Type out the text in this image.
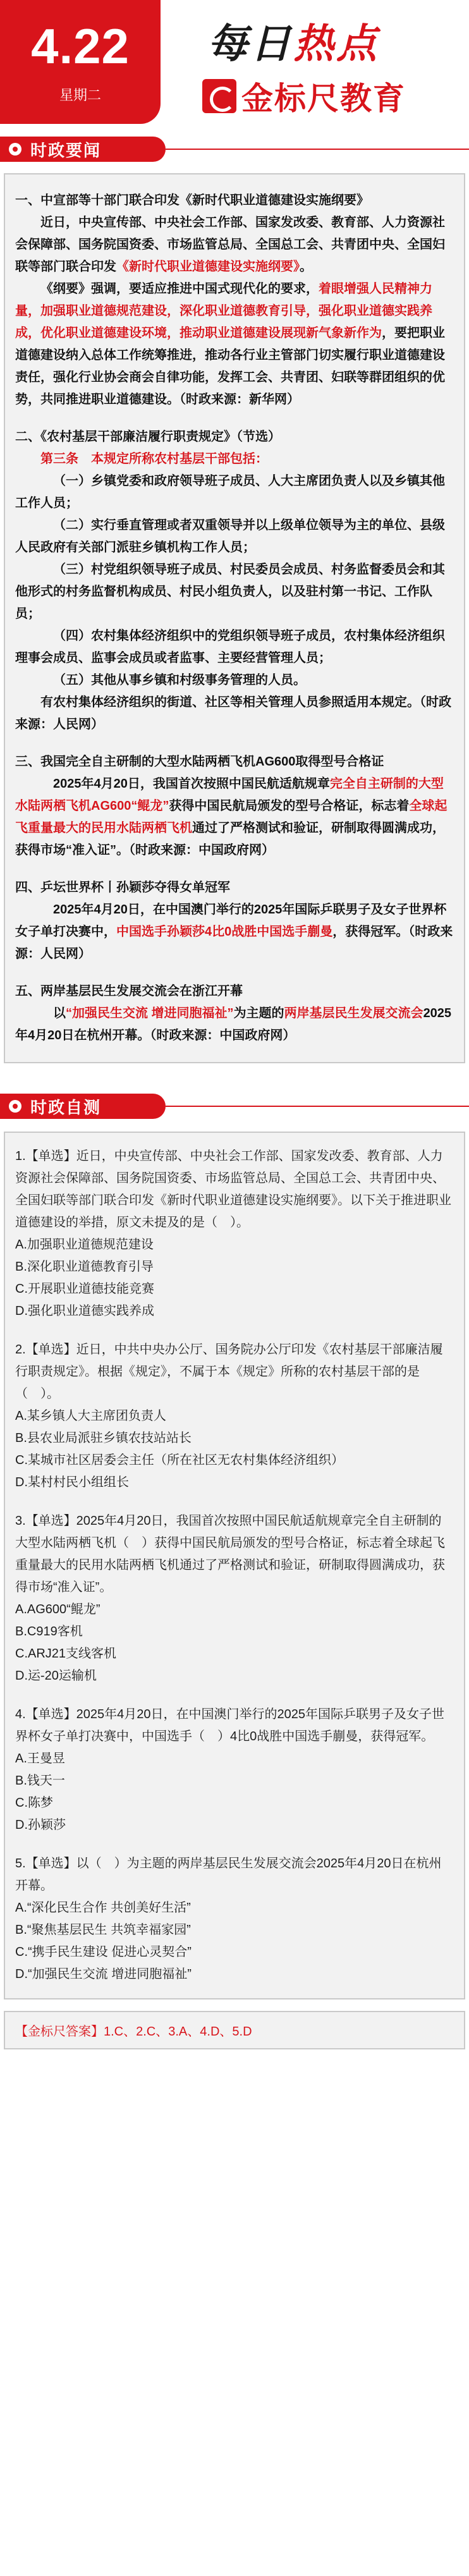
4.22
星期二
每日热点
金标尺教育
时政要闻

一、中宣部等十部门联合印发《新时代职业道德建设实施纲要》

近日，中央宣传部、中央社会工作部、国家发改委、教育部、人力资源社会保障部、国务院国资委、市场监管总局、全国总工会、共青团中央、全国妇联等部门联合印发《新时代职业道德建设实施纲要》。

《纲要》强调，要适应推进中国式现代化的要求，着眼增强人民精神力量，加强职业道德规范建设，深化职业道德教育引导，强化职业道德实践养成，优化职业道德建设环境，推动职业道德建设展现新气象新作为，要把职业道德建设纳入总体工作统筹推进，推动各行业主管部门切实履行职业道德建设责任，强化行业协会商会自律功能，发挥工会、共青团、妇联等群团组织的优势，共同推进职业道德建设。（时政来源：新华网）

二、《农村基层干部廉洁履行职责规定》（节选）

第三条　 本规定所称农村基层干部包括：

（一）乡镇党委和政府领导班子成员、人大主席团负责人以及乡镇其他工作人员；

（二）实行垂直管理或者双重领导并以上级单位领导为主的单位、县级人民政府有关部门派驻乡镇机构工作人员；

（三）村党组织领导班子成员、村民委员会成员、村务监督委员会和其他形式的村务监督机构成员、村民小组负责人，以及驻村第一书记、工作队员；

（四）农村集体经济组织中的党组织领导班子成员，农村集体经济组织理事会成员、监事会成员或者监事、主要经营管理人员；

（五）其他从事乡镇和村级事务管理的人员。

有农村集体经济组织的街道、社区等相关管理人员参照适用本规定。（时政来源：人民网）

三、我国完全自主研制的大型水陆两栖飞机AG600取得型号合格证

2025年4月20日，我国首次按照中国民航适航规章完全自主研制的大型水陆两栖飞机AG600“鲲龙”获得中国民航局颁发的型号合格证，标志着全球起飞重量最大的民用水陆两栖飞机通过了严格测试和验证，研制取得圆满成功，获得市场“准入证”。（时政来源：中国政府网）

四、乒坛世界杯丨孙颖莎夺得女单冠军

2025年4月20日，在中国澳门举行的2025年国际乒联男子及女子世界杯女子单打决赛中，中国选手孙颖莎4比0战胜中国选手蒯曼，获得冠军。（时政来源：人民网）

五、两岸基层民生发展交流会在浙江开幕

以“加强民生交流 增进同胞福祉”为主题的两岸基层民生发展交流会2025年4月20日在杭州开幕。（时政来源：中国政府网）

时政自测

1.【单选】近日，中央宣传部、中央社会工作部、国家发改委、教育部、人力资源社会保障部、国务院国资委、市场监管总局、全国总工会、共青团中央、全国妇联等部门联合印发《新时代职业道德建设实施纲要》。以下关于推进职业道德建设的举措，原文未提及的是（　）。

A.加强职业道德规范建设

B.深化职业道德教育引导

C.开展职业道德技能竞赛

D.强化职业道德实践养成

2.【单选】近日，中共中央办公厅、国务院办公厅印发《农村基层干部廉洁履行职责规定》。根据《规定》，不属于本《规定》所称的农村基层干部的是（　）。

A.某乡镇人大主席团负责人

B.县农业局派驻乡镇农技站站长

C.某城市社区居委会主任（所在社区无农村集体经济组织）

D.某村村民小组组长

3.【单选】2025年4月20日，我国首次按照中国民航适航规章完全自主研制的大型水陆两栖飞机（　）获得中国民航局颁发的型号合格证，标志着全球起飞重量最大的民用水陆两栖飞机通过了严格测试和验证，研制取得圆满成功，获得市场“准入证”。

A.AG600“鲲龙”

B.C919客机

C.ARJ21支线客机

D.运-20运输机

4.【单选】2025年4月20日，在中国澳门举行的2025年国际乒联男子及女子世界杯女子单打决赛中，中国选手（　）4比0战胜中国选手蒯曼，获得冠军。

A.王曼昱

B.钱天一

C.陈梦

D.孙颖莎

5.【单选】以（　）为主题的两岸基层民生发展交流会2025年4月20日在杭州开幕。

A.“深化民生合作 共创美好生活”

B.“聚焦基层民生 共筑幸福家园”

C.“携手民生建设 促进心灵契合”

D.“加强民生交流 增进同胞福祉”

【金标尺答案】1.C、2.C、3.A、4.D、5.D
